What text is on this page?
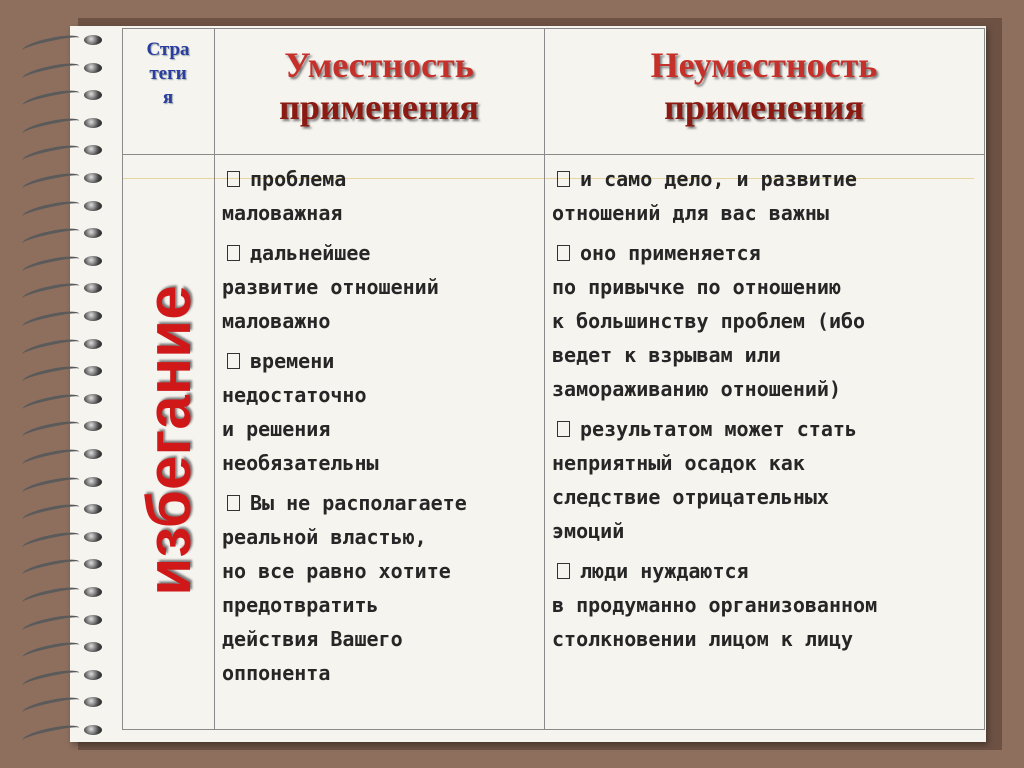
Стра
теги
я
Уместность
применения
Неуместность
применения
избегание
проблема
маловажная
дальнейшее
развитие отношений
маловажно
времени
недостаточно
и решения
необязательны
Вы не располагаете
реальной властью,
но все равно хотите
предотвратить
действия Вашего
оппонента
и само дело, и развитие
отношений для вас важны
оно применяется
по привычке по отношению
к большинству проблем (ибо
ведет к взрывам или
замораживанию отношений)
результатом может стать
неприятный осадок как
следствие отрицательных
эмоций
люди нуждаются
в продуманно организованном
столкновении лицом к лицу
